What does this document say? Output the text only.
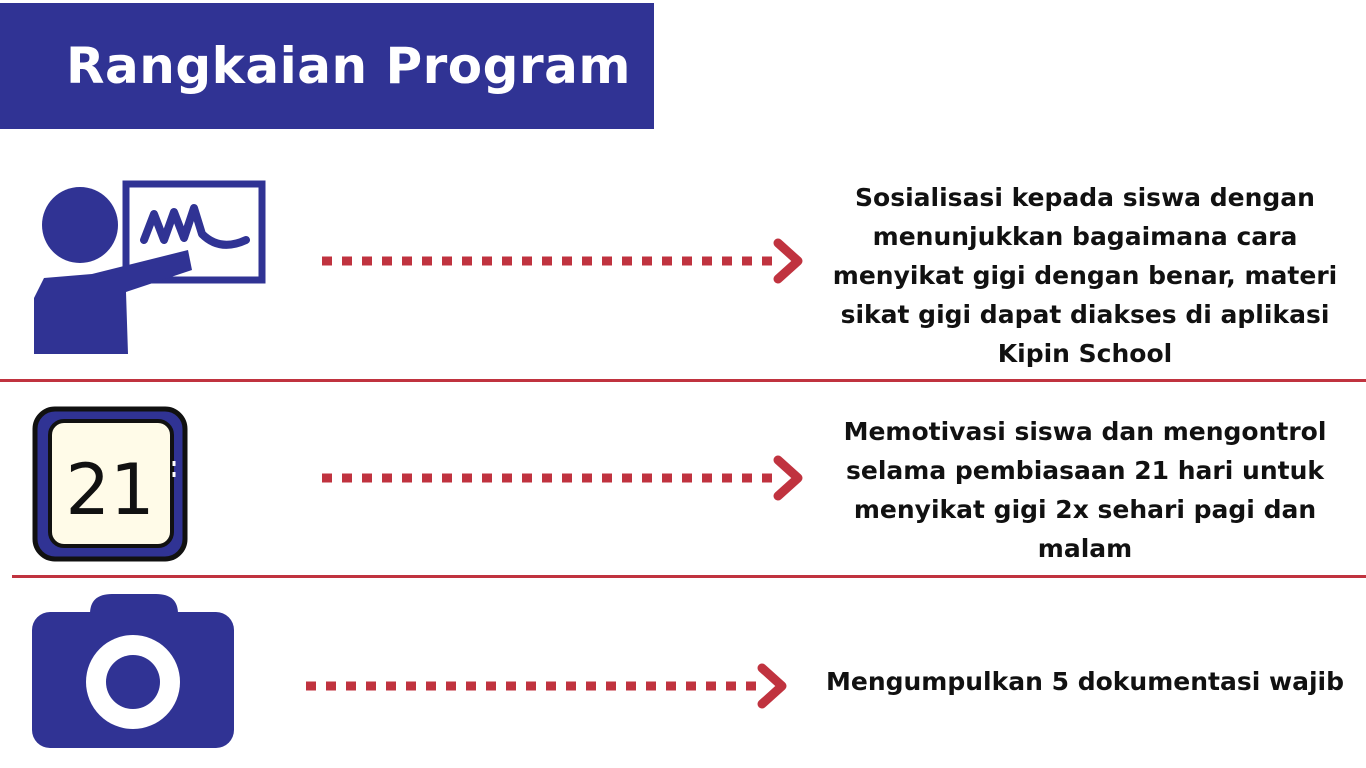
Rangkaian Program
Sosialisasi kepada siswa dengan menunjukkan bagaimana cara menyikat gigi dengan benar, materi sikat gigi dapat diakses di aplikasi Kipin School
21
Memotivasi siswa dan mengontrol selama pembiasaan 21 hari untuk menyikat gigi 2x sehari pagi dan malam
Mengumpulkan 5 dokumentasi wajib
